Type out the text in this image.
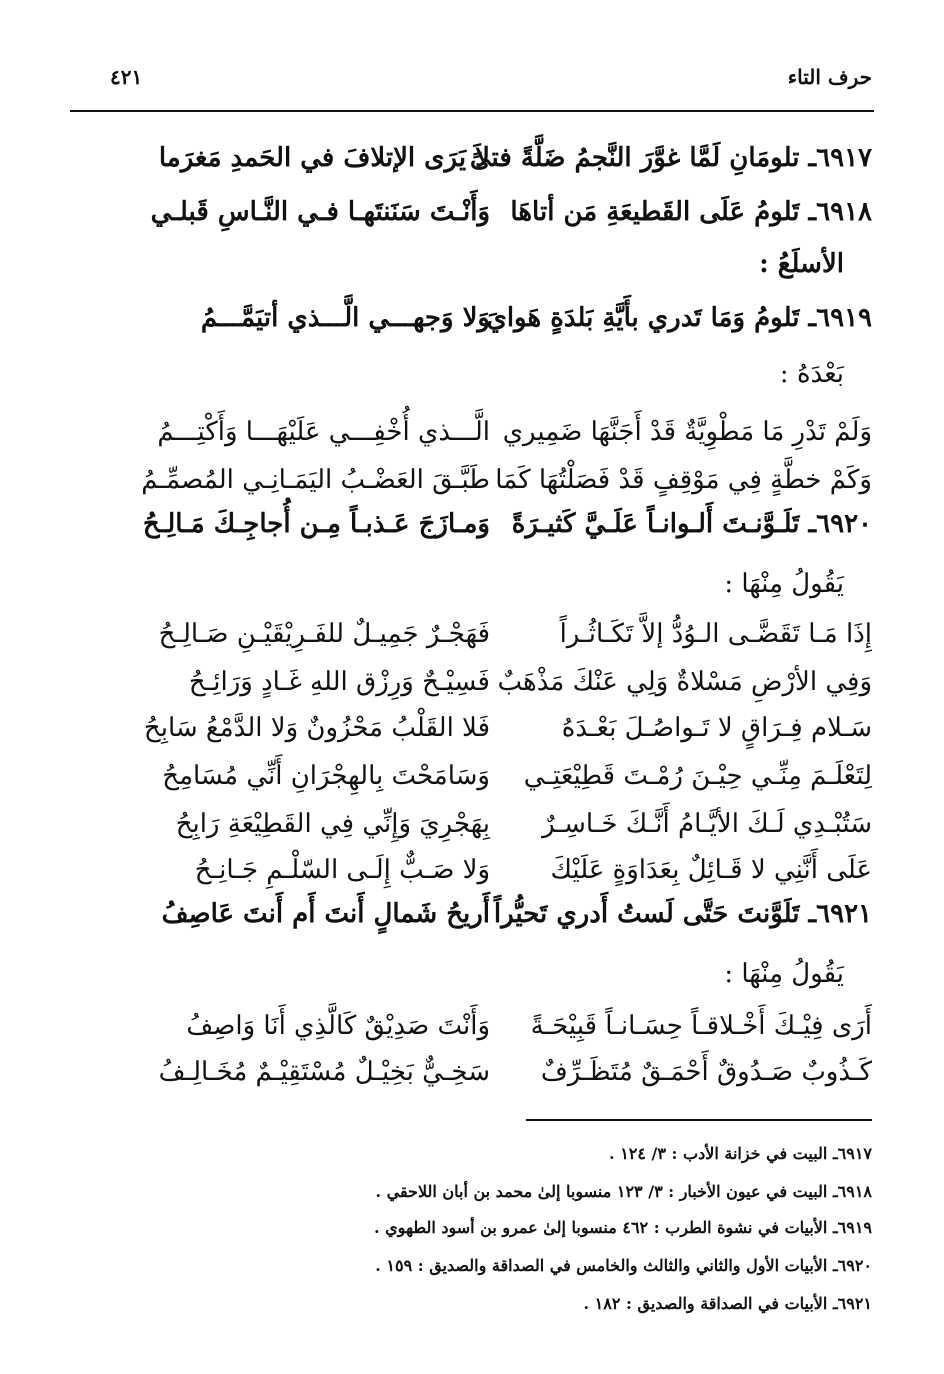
حرف التاء
٤٢١
٦٩١٧ـ تلومَانِ لَمَّا غوَّرَ النَّجمُ ضَلَّةً فتىً
لاَ يَرَى الإتلافَ في الحَمدِ مَغرَما
٦٩١٨ـ تَلومُ عَلَى القَطيعَةِ مَن أتاهَا
وَأَنْـتَ سَنَنتَهـا فـي النَّـاسِ قَبلـي
الأسلَعُ :
٦٩١٩ـ تَلومُ وَمَا تَدري بأَيَّةِ بَلدَةٍ هَوايَ
وَلا وَجهـــي الَّـــذي أتيَمَّـــمُ
بَعْدَهُ :
وَلَمْ تَدْرِ مَا مَطْوِيَّةٌ قَدْ أَجَنَّهَا ضَمِيري
الَّـــذي أُخْفِـــي عَلَيْهَـــا وَأَكْتِـــمُ
وَكَمْ خطَّةٍ فِي مَوْقِفٍ قَدْ فَصَلْتُهَا كَمَا
طَبَّـقَ العَضْـبُ اليَمَـانِـي المُصمِّـمُ
٦٩٢٠ـ تَلَـوَّنـتَ أَلـوانـاً عَلَـيَّ كَثيـرَةً
وَمـازَجَ عَـذبـاً مِـن أُجاجِـكَ مَـالِـحُ
يَقُولُ مِنْهَا :
إِذَا مَـا تَقَضَّـى الـوُدُّ إلاَّ تَكَـاثُـراً
فَهَجْـرٌ جَمِيـلٌ للفَـرِيْقَيْـنِ صَـالِـحُ
وَفِي الأرْضِ مَسْلاةٌ وَلِي عَنْكَ مَذْهَبٌ
فَسِيْـحٌ وَرِزْق اللهِ غَـادٍ وَرَائِـحُ
سَـلام فِـرَاقٍ لا تَـواصُـلَ بَعْـدَهُ
فَلا القَلْبُ مَحْزُونٌ وَلا الدَّمْعُ سَابِحُ
لِتَعْلَـمَ مِنِّـي حِيْـنَ رُمْـتَ قَطِيْعَتِـي
وَسَامَحْتَ بِالهِجْرَانِ أَنِّي مُسَامِحُ
سَتُبْـدِي لَـكَ الأيَّـامُ أَنَّـكَ خَـاسِـرٌ
بِهَجْرِيَ وَإِنِّي فِي القَطِيْعَةِ رَابِحُ
عَلَى أَنَّنِي لا قَـائِلٌ بِعَدَاوَةٍ عَلَيْكَ
وَلا صَـبٌّ إِلَـى السّلْـمِ جَـانِـحُ
٦٩٢١ـ تَلَوَّنتَ حَتَّى لَستُ أَدري تَحيُّراً
أَريحُ شَمالٍ أَنتَ أَم أَنتَ عَاصِفُ
يَقُولُ مِنْهَا :
أَرَى فِيْـكَ أَخْـلاقـاً حِسَـانـاً قَبِيْحَـةً
وَأَنْتَ صَدِيْقٌ كَالَّذِي أَنَا وَاصِفُ
كَـذُوبٌ صَـدُوقٌ أَحْمَـقٌ مُتَظَـرِّفٌ
سَخِـيٌّ بَخِيْـلٌ مُسْتَقِيْـمٌ مُخَـالِـفُ
٦٩١٧ـ البيت في خزانة الأدب : ٣/ ١٢٤ .
٦٩١٨ـ البيت في عيون الأخبار : ٣/ ١٢٣ منسوبا إلىٰ محمد بن أبان اللاحقي .
٦٩١٩ـ الأبيات في نشوة الطرب : ٤٦٢ منسوبا إلىٰ عمرو بن أسود الطهوي .
٦٩٢٠ـ الأبيات الأول والثاني والثالث والخامس في الصداقة والصديق : ١٥٩ .
٦٩٢١ـ الأبيات في الصداقة والصديق : ١٨٢ .
